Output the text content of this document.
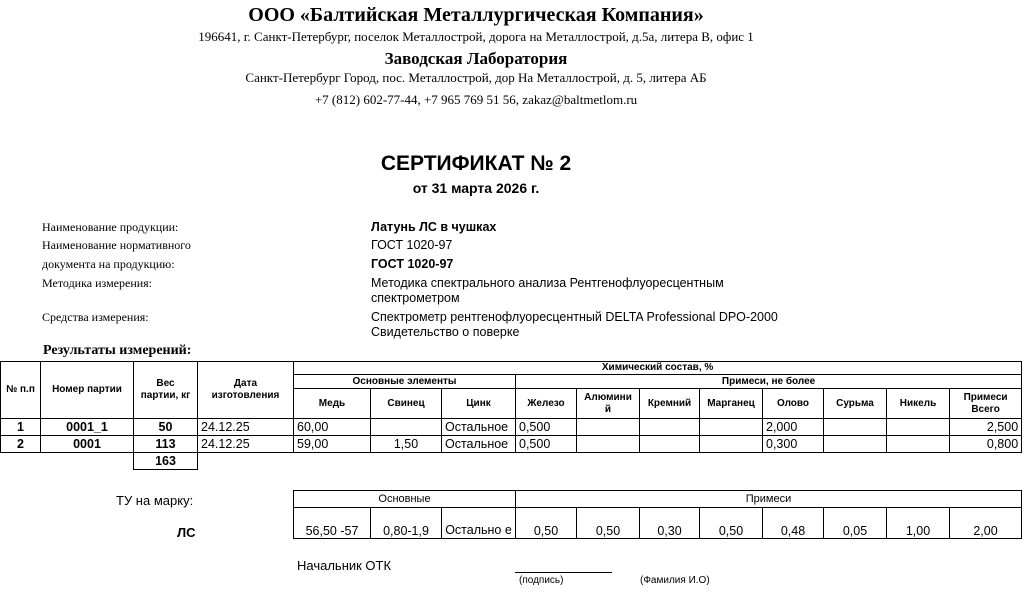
ООО «Балтийская Металлургическая Компания»
196641, г. Санкт-Петербург, поселок Металлострой, дорога на Металлострой, д.5а, литера В, офис 1
Заводская Лаборатория
Санкт-Петербург Город, пос. Металлострой, дор На Металлострой, д. 5, литера АБ
+7 (812) 602-77-44, +7 965 769 51 56, zakaz@baltmetlom.ru
СЕРТИФИКАТ № 2
от 31 марта 2026 г.
Наименование продукции:	Латунь ЛС в чушках
Наименование нормативного	ГОСТ 1020-97
документа на продукцию:	ГОСТ 1020-97
Методика измерения:	Методика спектрального анализа Рентгенофлуоресцентным
спектрометром
Средства измерения:	Спектрометр рентгенофлуоресцентный DELTA Professional DPO-2000
Свидетельство о поверке
Результаты измерений:
№ п.п	Номер партии	Вес партии, кг	Дата изготовления	Химический состав, %										
				Основные элементы			Примеси, не более							
				Медь	Свинец	Цинк	Железо	Алюмини й	Кремний	Марганец	Олово	Сурьма	Никель	Примеси Всего
1	0001_1	50	24.12.25	60,00		Остальное	0,500				2,000			2,500
2	0001	113	24.12.25	59,00	1,50	Остальное	0,500				0,300			0,800
		163												
ТУ на марку:
ЛС
Основные			Примеси							
56,50 -57	0,80-1,9	Остально е	0,50	0,50	0,30	0,50	0,48	0,05	1,00	2,00
Начальник ОТК
(подпись)	(Фамилия И.О)
